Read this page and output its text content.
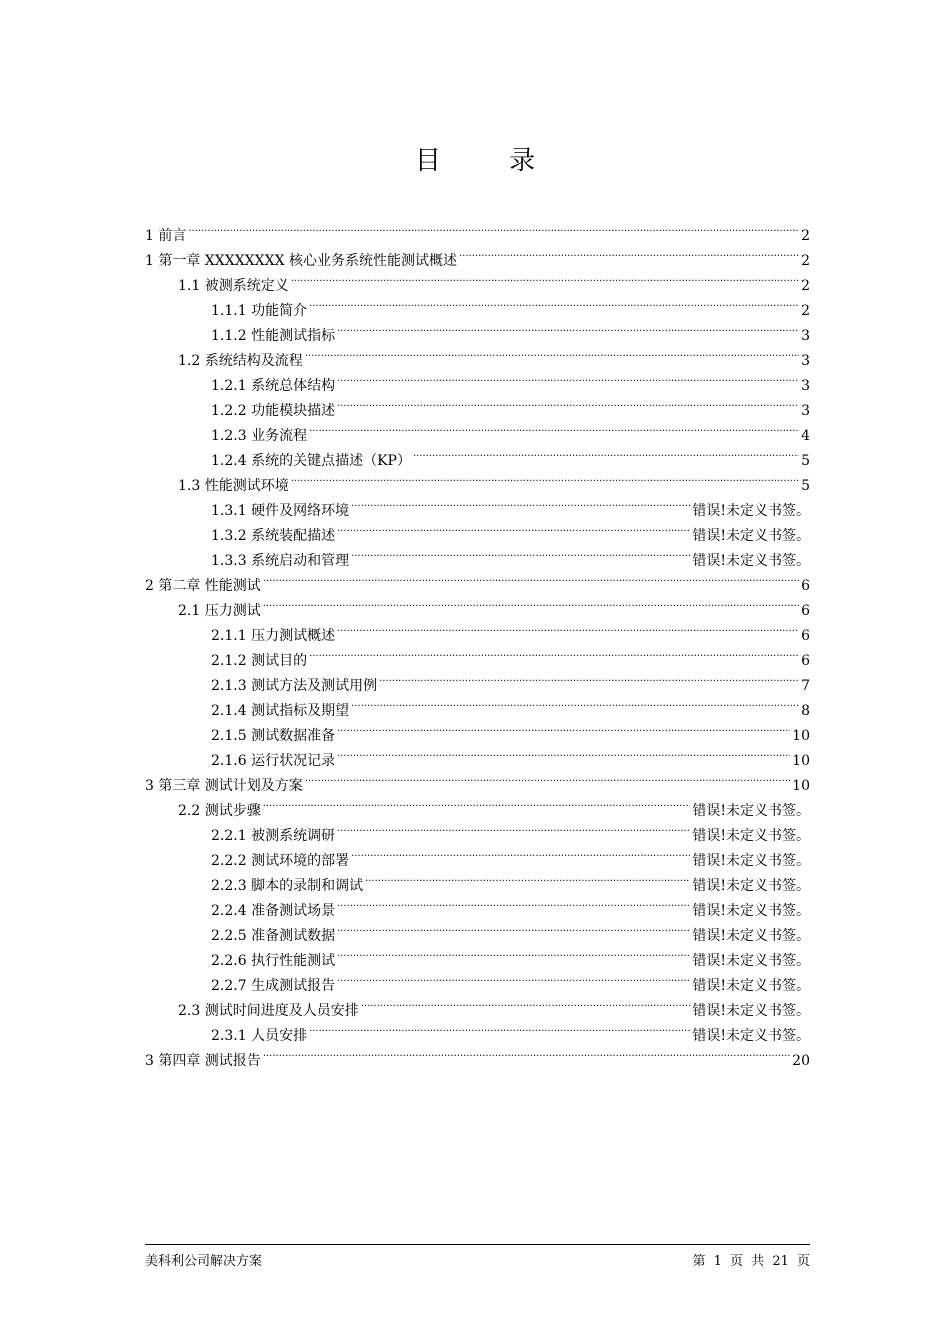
目 录
1 前言 .....	2
1 第一章 XXXXXXXX 核心业务系统性能测试概述 .....	2
1.1 被测系统定义 .....	2
1.1.1 功能简介 .....	2
1.1.2 性能测试指标 .....	3
1.2 系统结构及流程 .....	3
1.2.1 系统总体结构 .....	3
1.2.2 功能模块描述 .....	3
1.2.3 业务流程 .....	4
1.2.4 系统的关键点描述（KP） .....	5
1.3 性能测试环境 .....	5
1.3.1 硬件及网络环境 .....	错误!未定义书签。
1.3.2 系统装配描述 .....	错误!未定义书签。
1.3.3 系统启动和管理 .....	错误!未定义书签。
2 第二章 性能测试 .....	6
2.1 压力测试 .....	6
2.1.1 压力测试概述 .....	6
2.1.2 测试目的 .....	6
2.1.3 测试方法及测试用例 .....	7
2.1.4 测试指标及期望 .....	8
2.1.5 测试数据准备 .....	10
2.1.6 运行状况记录 .....	10
3 第三章 测试计划及方案 .....	10
2.2 测试步骤 .....	错误!未定义书签。
2.2.1 被测系统调研 .....	错误!未定义书签。
2.2.2 测试环境的部署 .....	错误!未定义书签。
2.2.3 脚本的录制和调试 .....	错误!未定义书签。
2.2.4 准备测试场景 .....	错误!未定义书签。
2.2.5 准备测试数据 .....	错误!未定义书签。
2.2.6 执行性能测试 .....	错误!未定义书签。
2.2.7 生成测试报告 .....	错误!未定义书签。
2.3 测试时间进度及人员安排 .....	错误!未定义书签。
2.3.1 人员安排 .....	错误!未定义书签。
3 第四章 测试报告 .....	20
美科利公司解决方案	第 1 页 共 21 页
